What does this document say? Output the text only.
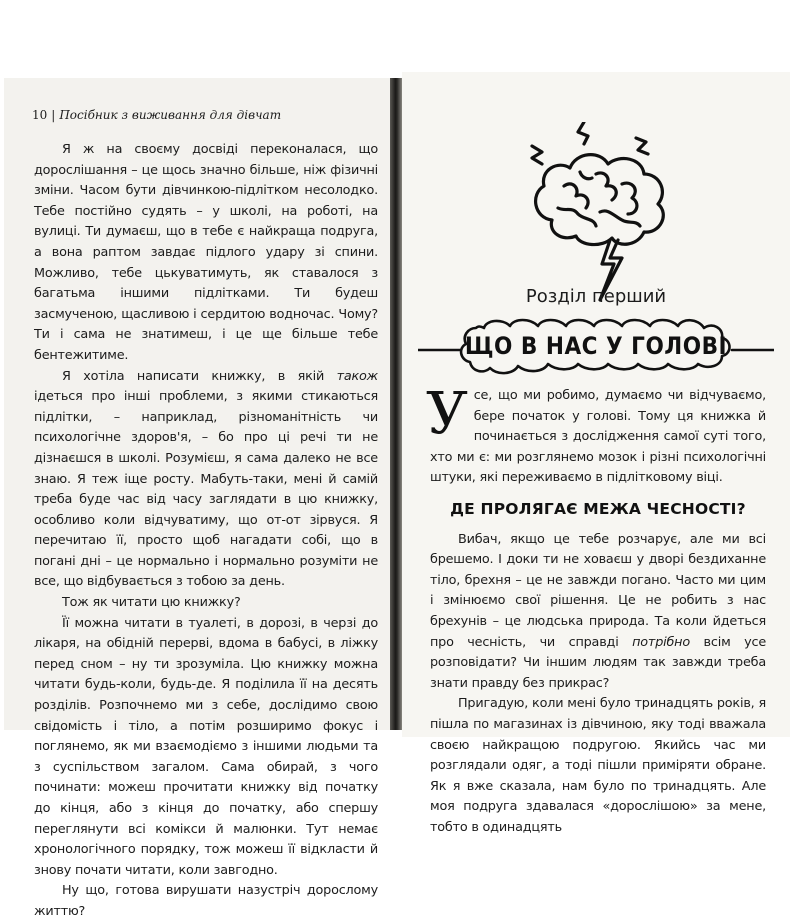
10 | Посібник з виживання для дівчат

Я ж на своєму досвіді переконалася, що дорослішання – це щось значно більше, ніж фізичні зміни. Часом бути дівчинкою-підлітком несолодко. Тебе постійно судять – у школі, на роботі, на вулиці. Ти думаєш, що в тебе є найкраща подруга, а вона раптом завдає підлого удару зі спини. Можливо, тебе цькуватимуть, як ставалося з багатьма іншими підлітками. Ти будеш засмученою, щасливою і сердитою водночас. Чому? Ти і сама не знатимеш, і це ще більше тебе бентежитиме.

Я хотіла написати книжку, в якій також ідеться про інші проблеми, з якими стикаються підлітки, – наприклад, різноманітність чи психологічне здоров'я, – бо про ці речі ти не дізнаєшся в школі. Розумієш, я сама далеко не все знаю. Я теж іще росту. Мабуть-таки, мені й самій треба буде час від часу заглядати в цю книжку, особливо коли відчуватиму, що от-от зірвуся. Я перечитаю її, просто щоб нагадати собі, що в погані дні – це нормально і нормально розуміти не все, що відбувається з тобою за день.

Тож як читати цю книжку?

Її можна читати в туалеті, в дорозі, в черзі до лікаря, на обідній перерві, вдома в бабусі, в ліжку перед сном – ну ти зрозуміла. Цю книжку можна читати будь-коли, будь-де. Я поділила її на десять розділів. Розпочнемо ми з себе, дослідимо свою свідомість і тіло, а потім розширимо фокус і поглянемо, як ми взаємодіємо з іншими людьми та з суспільством загалом. Сама обирай, з чого починати: можеш прочитати книжку від початку до кінця, або з кінця до початку, або спершу переглянути всі комікси й малюнки. Тут немає хронологічного порядку, тож можеш її відкласти й знову почати читати, коли завгодно.

Ну що, готова вирушати назустріч дорослому життю?

Розділ перший
ЩО В НАС У ГОЛОВІ

Усе, що ми робимо, думаємо чи відчуваємо, бере початок у голові. Тому ця книжка й починається з дослідження самої суті того, хто ми є: ми розглянемо мозок і різні психологічні штуки, які переживаємо в підлітковому віці.

ДЕ ПРОЛЯГАЄ МЕЖА ЧЕСНОСТІ?

Вибач, якщо це тебе розчарує, але ми всі брешемо. І доки ти не ховаєш у дворі бездиханне тіло, брехня – це не завжди погано. Часто ми цим і змінюємо свої рішення. Це не робить з нас брехунів – це людська природа. Та коли йдеться про чесність, чи справді потрібно всім усе розповідати? Чи іншим людям так завжди треба знати правду без прикрас?

Пригадую, коли мені було тринадцять років, я пішла по магазинах із дівчиною, яку тоді вважала своєю найкращою подругою. Якийсь час ми розглядали одяг, а тоді пішли приміряти обране. Як я вже сказала, нам було по тринадцять. Але моя подруга здавалася «дорослішою» за мене, тобто в одинадцять
